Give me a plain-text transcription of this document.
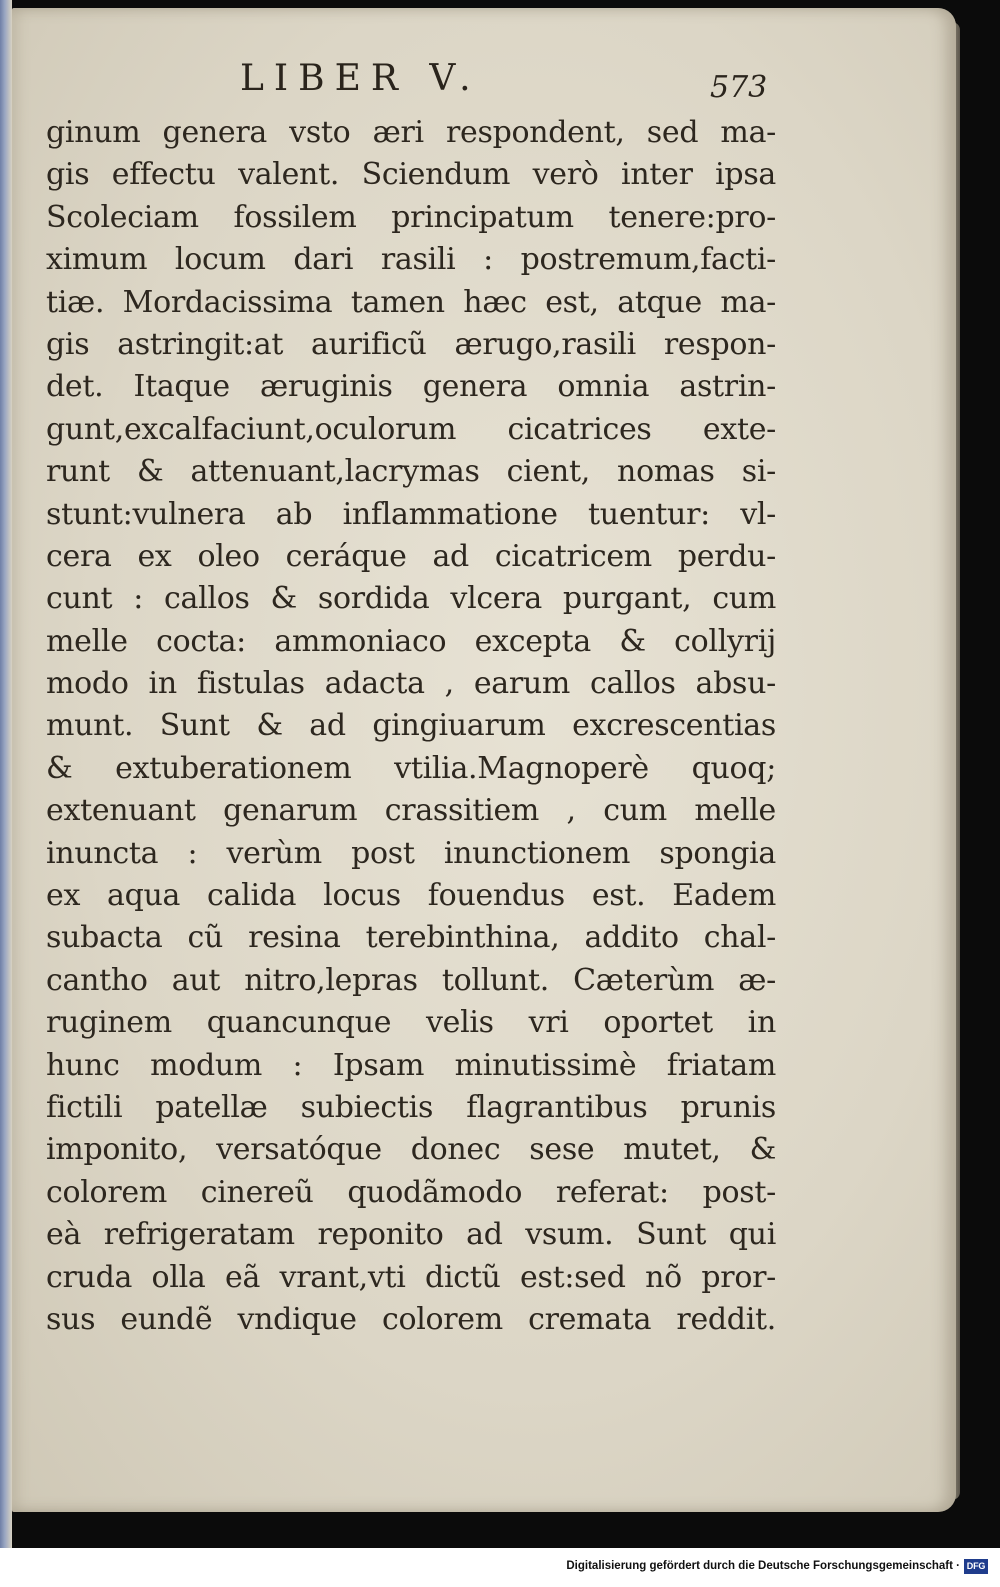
LIBER V.	573
ginum genera vsto æri respondent, sed ma-
gis effectu valent. Sciendum verò inter ipsa
Scoleciam fossilem principatum tenere:pro-
ximum locum dari rasili : postremum,facti-
tiæ. Mordacissima tamen hæc est, atque ma-
gis astringit:at aurificũ ærugo,rasili respon-
det. Itaque æruginis genera omnia astrin-
gunt,excalfaciunt,oculorum cicatrices exte-
runt & attenuant,lacrymas cient, nomas si-
stunt:vulnera ab inflammatione tuentur: vl-
cera ex oleo ceráque ad cicatricem perdu-
cunt : callos & sordida vlcera purgant, cum
melle cocta: ammoniaco excepta & collyrij
modo in fistulas adacta , earum callos absu-
munt. Sunt & ad gingiuarum excrescentias
& extuberationem vtilia.Magnoperè quoq;
extenuant genarum crassitiem , cum melle
inuncta : verùm post inunctionem spongia
ex aqua calida locus fouendus est. Eadem
subacta cũ resina terebinthina, addito chal-
cantho aut nitro,lepras tollunt. Cæterùm æ-
ruginem quancunque velis vri oportet in
hunc modum : Ipsam minutissimè friatam
fictili patellæ subiectis flagrantibus prunis
imponito, versatóque donec sese mutet, &
colorem cinereũ quodãmodo referat: post-
eà refrigeratam reponito ad vsum. Sunt qui
cruda olla eã vrant,vti dictũ est:sed nõ pror-
sus eundẽ vndique colorem cremata reddit.
Digitalisierung gefördert durch die Deutsche Forschungsgemeinschaft · DFG
